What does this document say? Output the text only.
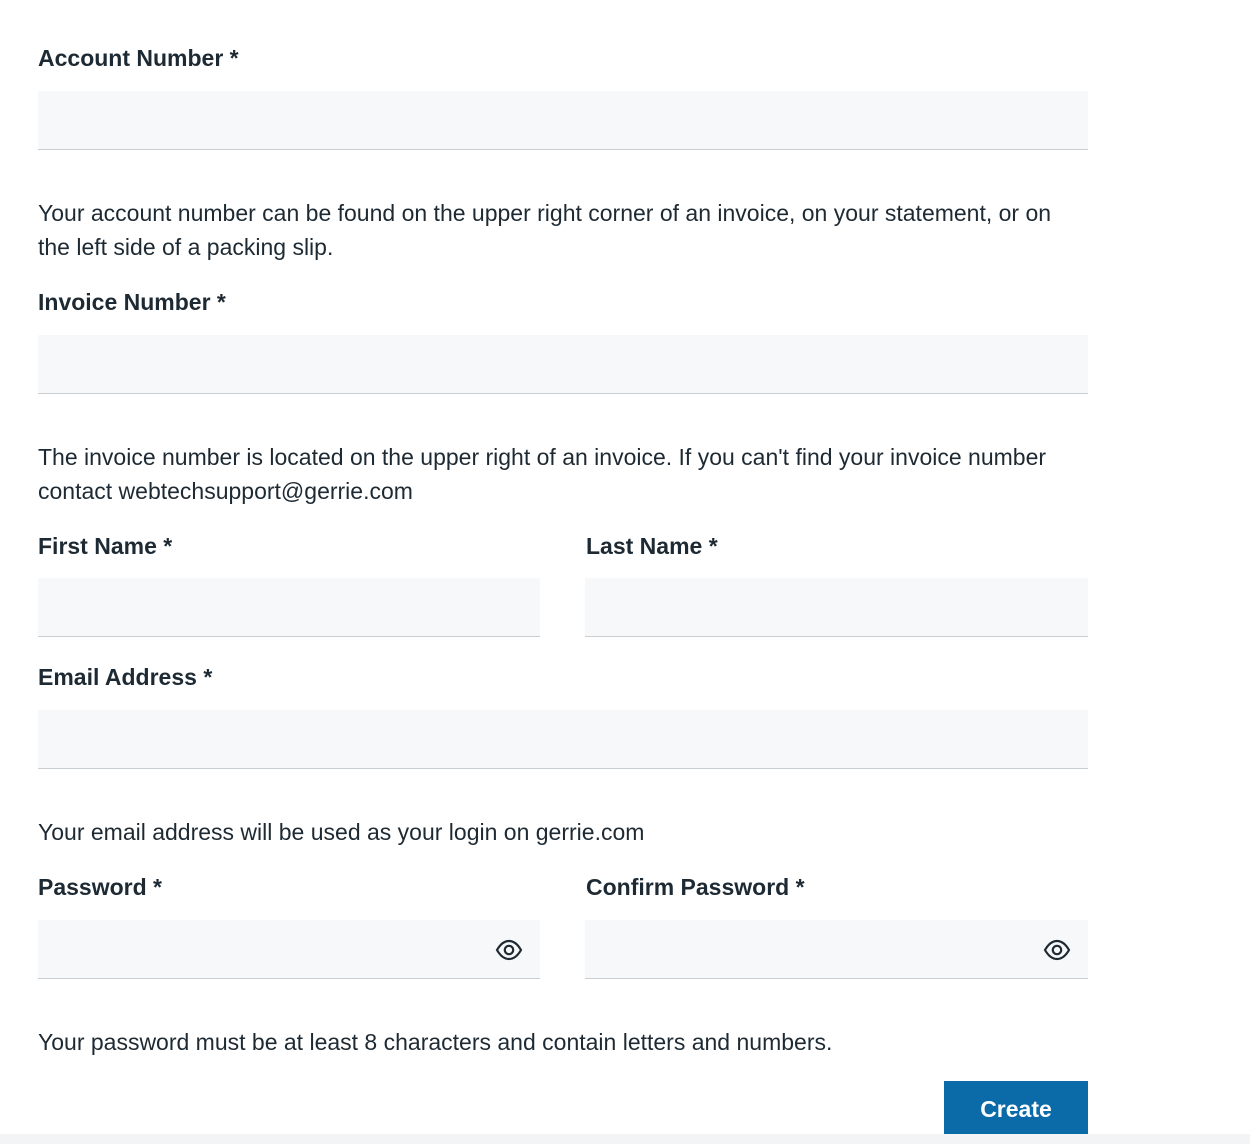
Account Number *
Your account number can be found on the upper right corner of an invoice, on your statement, or on the left side of a packing slip.
Invoice Number *
The invoice number is located on the upper right of an invoice. If you can't find your invoice number contact webtechsupport@gerrie.com
First Name *	Last Name *
Email Address *
Your email address will be used as your login on gerrie.com
Password *	Confirm Password *
Your password must be at least 8 characters and contain letters and numbers.
Create
